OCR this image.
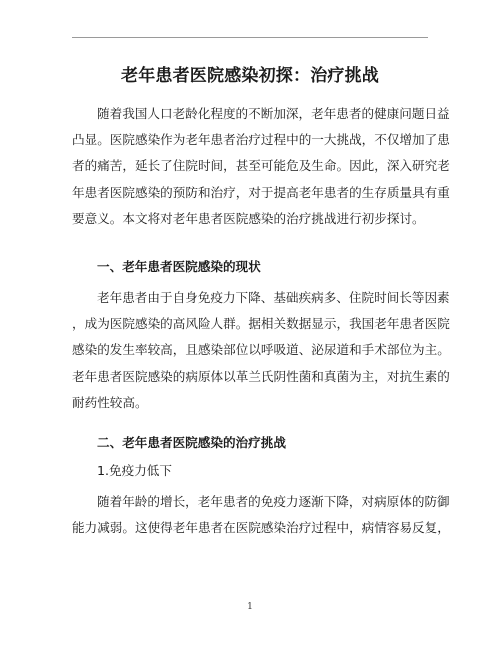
老年患者医院感染初探：治疗挑战
随着我国人口老龄化程度的不断加深，老年患者的健康问题日益
凸显。医院感染作为老年患者治疗过程中的一大挑战，不仅增加了患
者的痛苦，延长了住院时间，甚至可能危及生命。因此，深入研究老
年患者医院感染的预防和治疗，对于提高老年患者的生存质量具有重
要意义。本文将对老年患者医院感染的治疗挑战进行初步探讨。
一、老年患者医院感染的现状
老年患者由于自身免疫力下降、基础疾病多、住院时间长等因素
，成为医院感染的高风险人群。据相关数据显示，我国老年患者医院
感染的发生率较高，且感染部位以呼吸道、泌尿道和手术部位为主。
老年患者医院感染的病原体以革兰氏阴性菌和真菌为主，对抗生素的
耐药性较高。
二、老年患者医院感染的治疗挑战
1.免疫力低下
随着年龄的增长，老年患者的免疫力逐渐下降，对病原体的防御
能力减弱。这使得老年患者在医院感染治疗过程中，病情容易反复，
1
